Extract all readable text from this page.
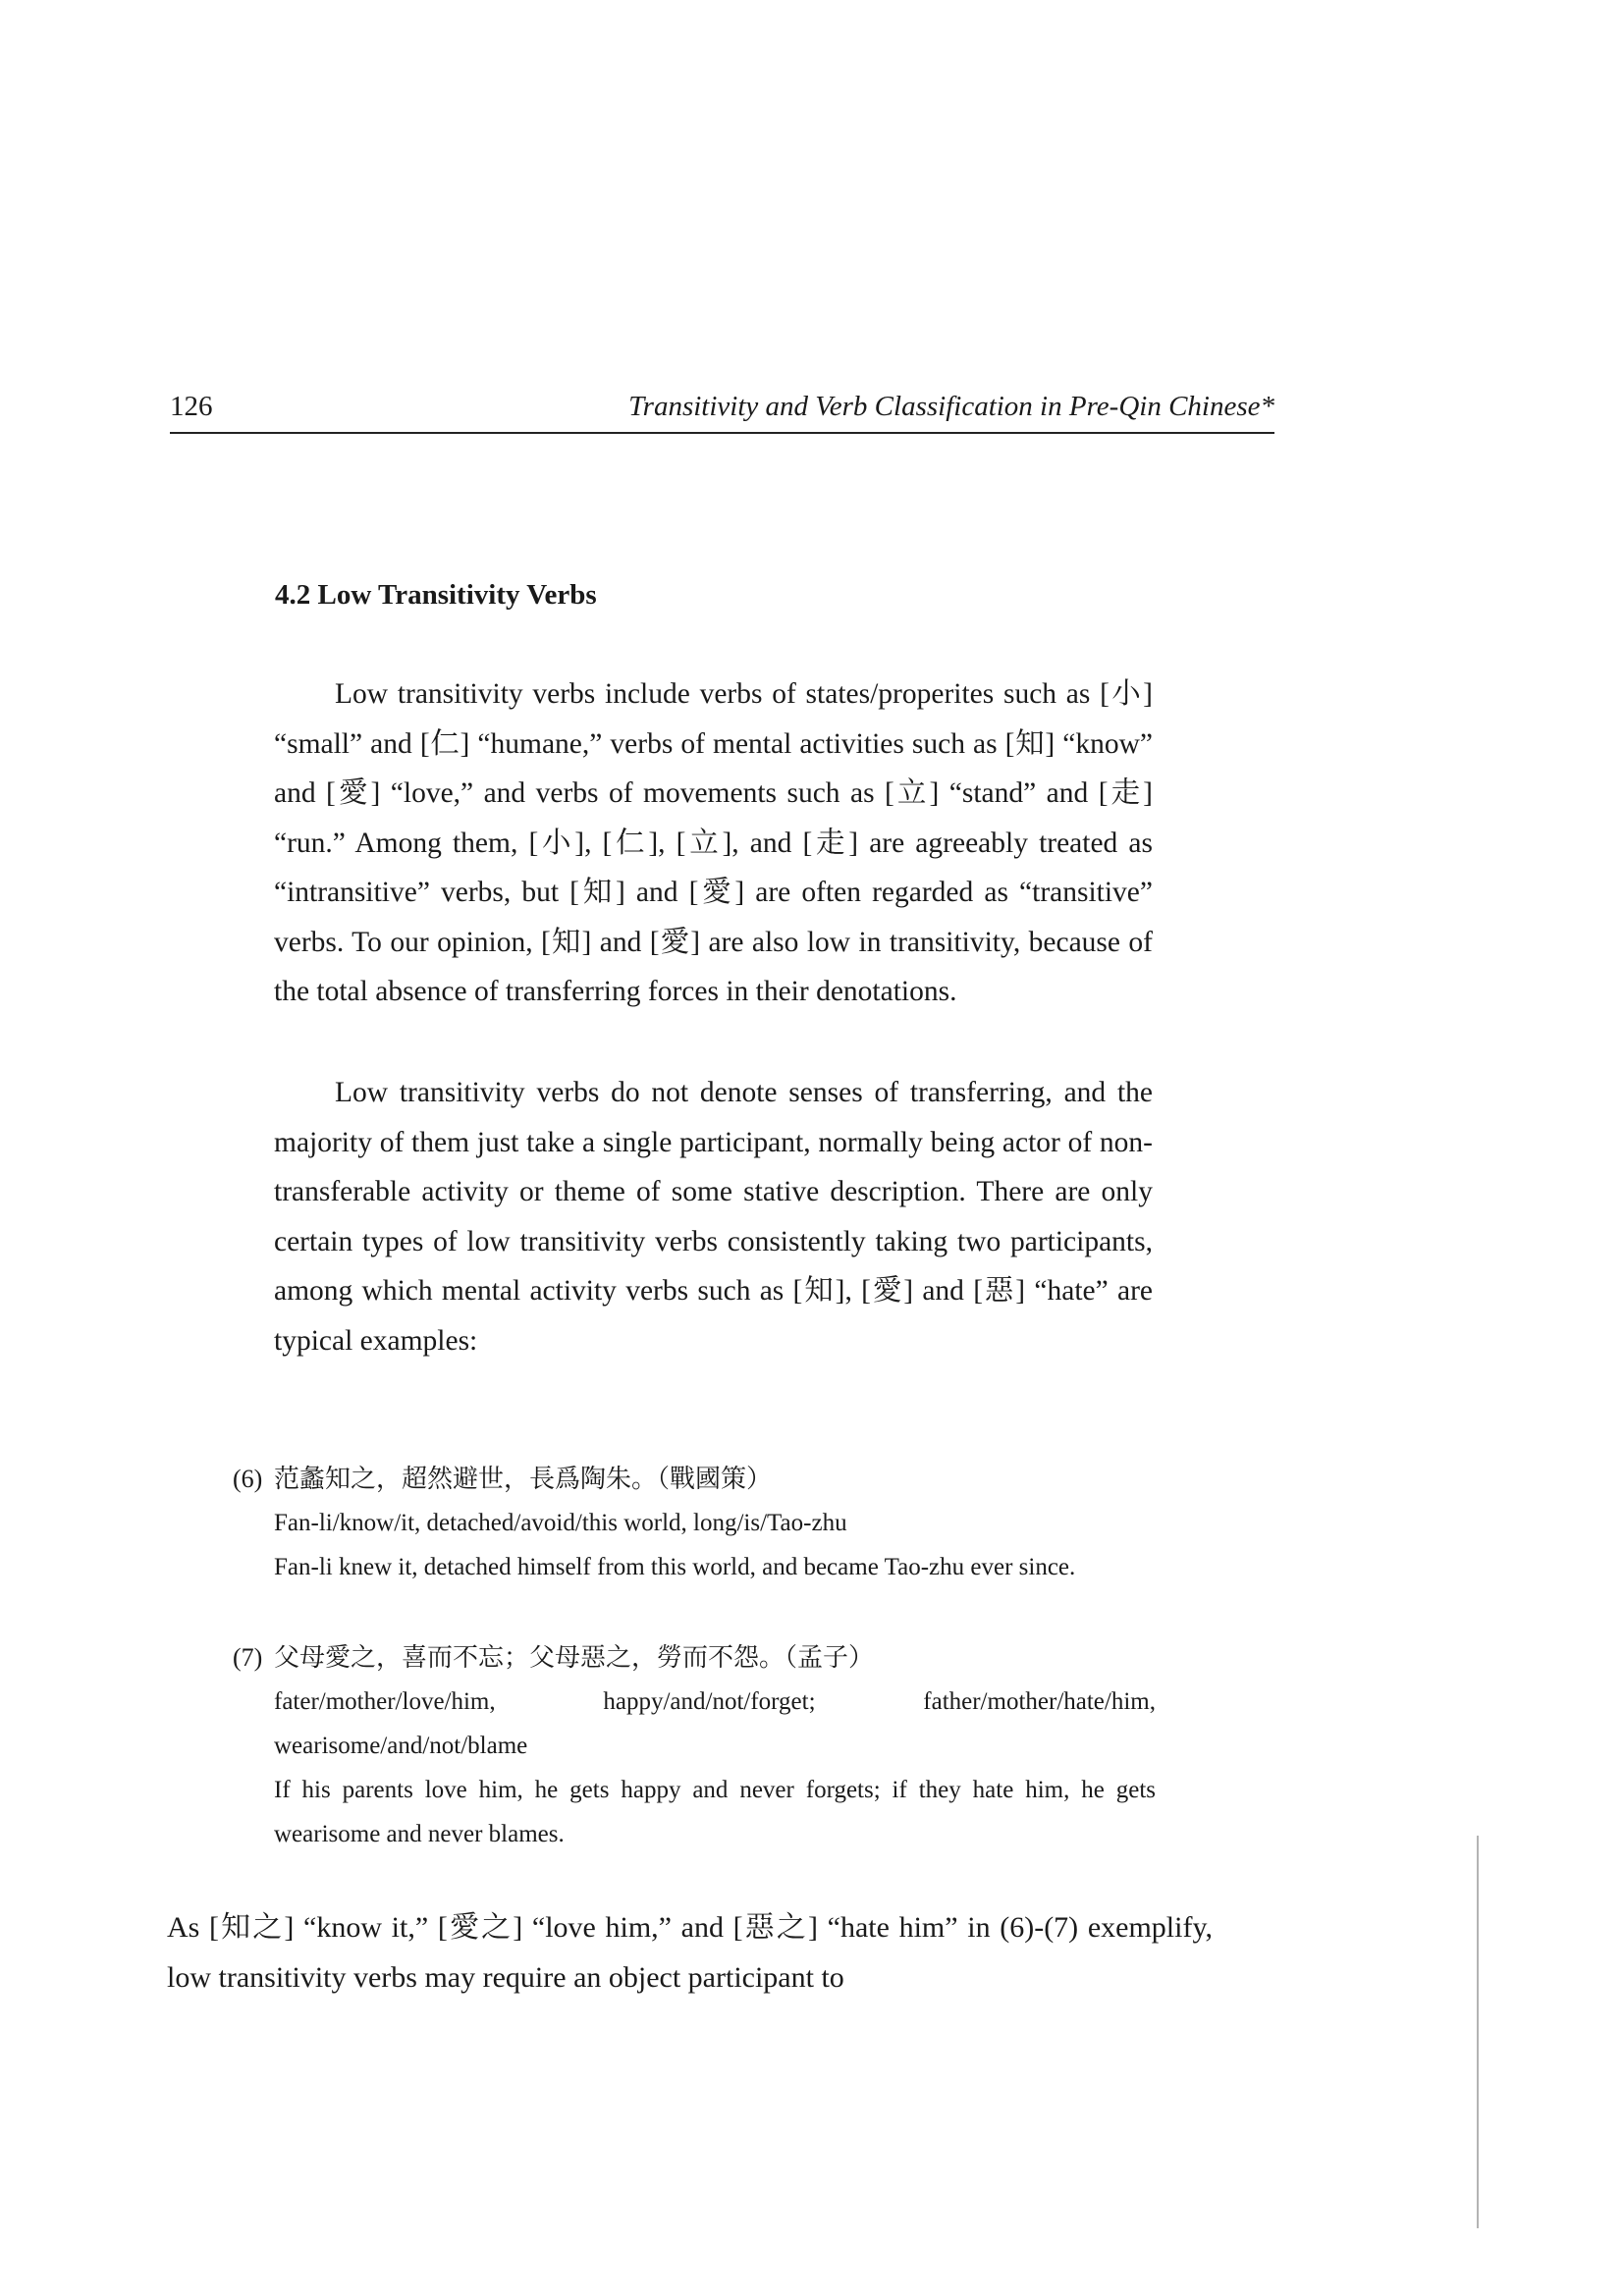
126	Transitivity and Verb Classification in Pre-Qin Chinese*
4.2 Low Transitivity Verbs

Low transitivity verbs include verbs of states/properites such as [小] “small” and [仁] “humane,” verbs of mental activities such as [知] “know” and [愛] “love,” and verbs of movements such as [立] “stand” and [走] “run.” Among them, [小], [仁], [立], and [走] are agreeably treated as “intransitive” verbs, but [知] and [愛] are often regarded as “transitive” verbs. To our opinion, [知] and [愛] are also low in transitivity, because of the total absence of transferring forces in their denotations.

Low transitivity verbs do not denote senses of transferring, and the majority of them just take a single participant, normally being actor of non-transferable activity or theme of some stative description. There are only certain types of low transitivity verbs consistently taking two participants, among which mental activity verbs such as [知], [愛] and [惡] “hate” are typical examples:

(6) 范蠡知之，超然避世，長爲陶朱。（戰國策）
Fan-li/know/it, detached/avoid/this world, long/is/Tao-zhu
Fan-li knew it, detached himself from this world, and became Tao-zhu ever since.
(7) 父母愛之，喜而不忘；父母惡之，勞而不怨。（孟子）
fater/mother/love/him, happy/and/not/forget; father/mother/hate/him, wearisome/and/not/blame
If his parents love him, he gets happy and never forgets; if they hate him, he gets wearisome and never blames.

As [知之] “know it,” [愛之] “love him,” and [惡之] “hate him” in (6)-(7) exemplify, low transitivity verbs may require an object participant to
